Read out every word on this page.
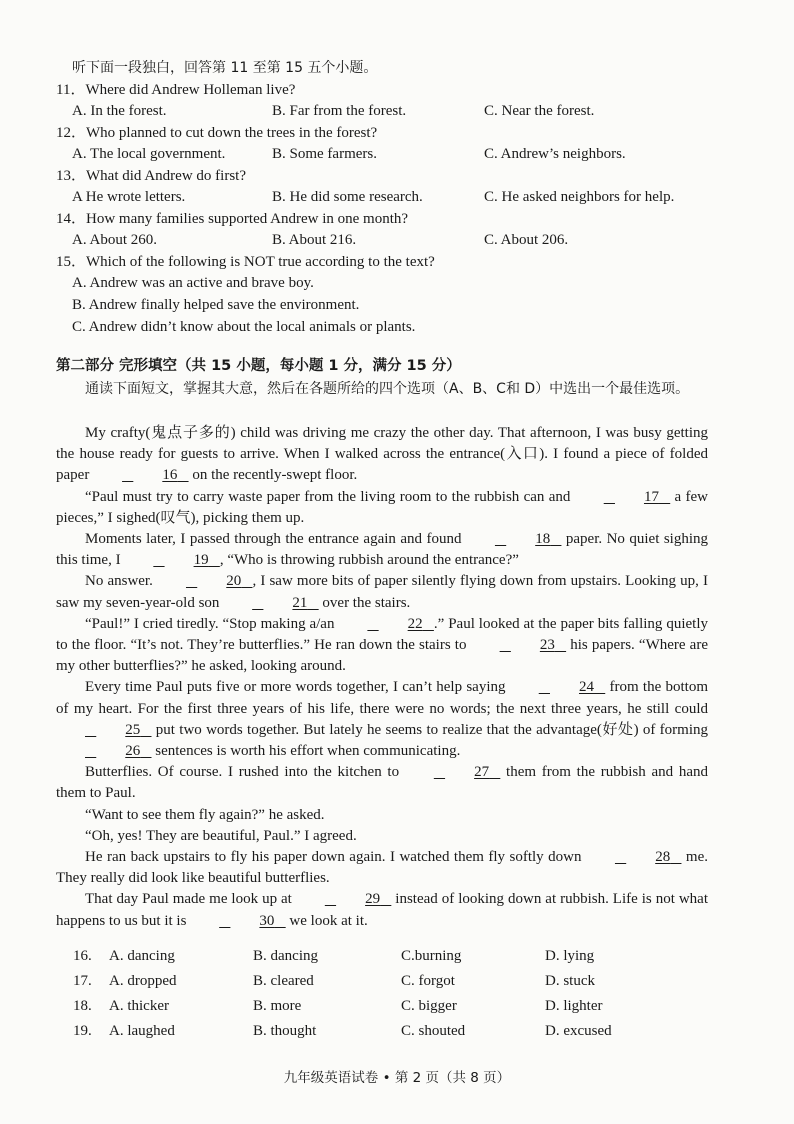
听下面一段独白，回答第 11 至第 15 五个小题。
11．Where did Andrew Holleman live?
A. In the forest.	B. Far from the forest.	C. Near the forest.
12．Who planned to cut down the trees in the forest?
A. The local government.	B. Some farmers.	C. Andrew’s neighbors.
13．What did Andrew do first?
A He wrote letters.	B. He did some research.	C. He asked neighbors for help.
14．How many families supported Andrew in one month?
A. About 260.	B. About 216.	C. About 206.
15．Which of the following is NOT true according to the text?
A. Andrew was an active and brave boy.
B. Andrew finally helped save the environment.
C. Andrew didn’t know about the local animals or plants.
第二部分 完形填空（共 15 小题，每小题 1 分，满分 15 分）

通读下面短文，掌握其大意，然后在各题所给的四个选项（A、B、C和 D）中选出一个最佳选项。

My crafty(鬼点子多的) child was driving me crazy the other day. That afternoon, I was busy getting the house ready for guests to arrive. When I walked across the entrance(入口). I found a piece of folded paper	16    on the recently-swept floor.

“Paul must try to carry waste paper from the living room to the rubbish can and	17    a few pieces,” I sighed(叹气), picking them up.

Moments later, I passed through the entrance again and found	18    paper. No quiet sighing this time, I	19 , “Who is throwing rubbish around the entrance?”

No answer.	20 , I saw more bits of paper silently flying down from upstairs. Looking up, I saw my seven-year-old son	21    over the stairs.

“Paul!” I cried tiredly. “Stop making a/an	22 .” Paul looked at the paper bits falling quietly to the floor. “It’s not. They’re butterflies.” He ran down the stairs to	23    his papers. “Where are my other butterflies?” he asked, looking around.

Every time Paul puts five or more words together, I can’t help saying	24    from the bottom of my heart. For the first three years of his life, there were no words; the next three years, he still could    25    put two words together. But lately he seems to realize that the advantage(好处) of forming    26    sentences is worth his effort when communicating.

Butterflies. Of course. I rushed into the kitchen to	27    them from the rubbish and hand them to Paul.

“Want to see them fly again?” he asked.

“Oh, yes! They are beautiful, Paul.” I agreed.

He ran back upstairs to fly his paper down again. I watched them fly softly down	28    me. They really did look like beautiful butterflies.

That day Paul made me look up at	29    instead of looking down at rubbish. Life is not what happens to us but it is	30    we look at it.

16. A. dancing	B. dancing	C.burning	D. lying
17. A. dropped	B. cleared	C. forgot	D. stuck
18. A. thicker	B. more	C. bigger	D. lighter
19. A. laughed	B. thought	C. shouted	D. excused
九年级英语试卷 • 第 2 页（共 8 页）
